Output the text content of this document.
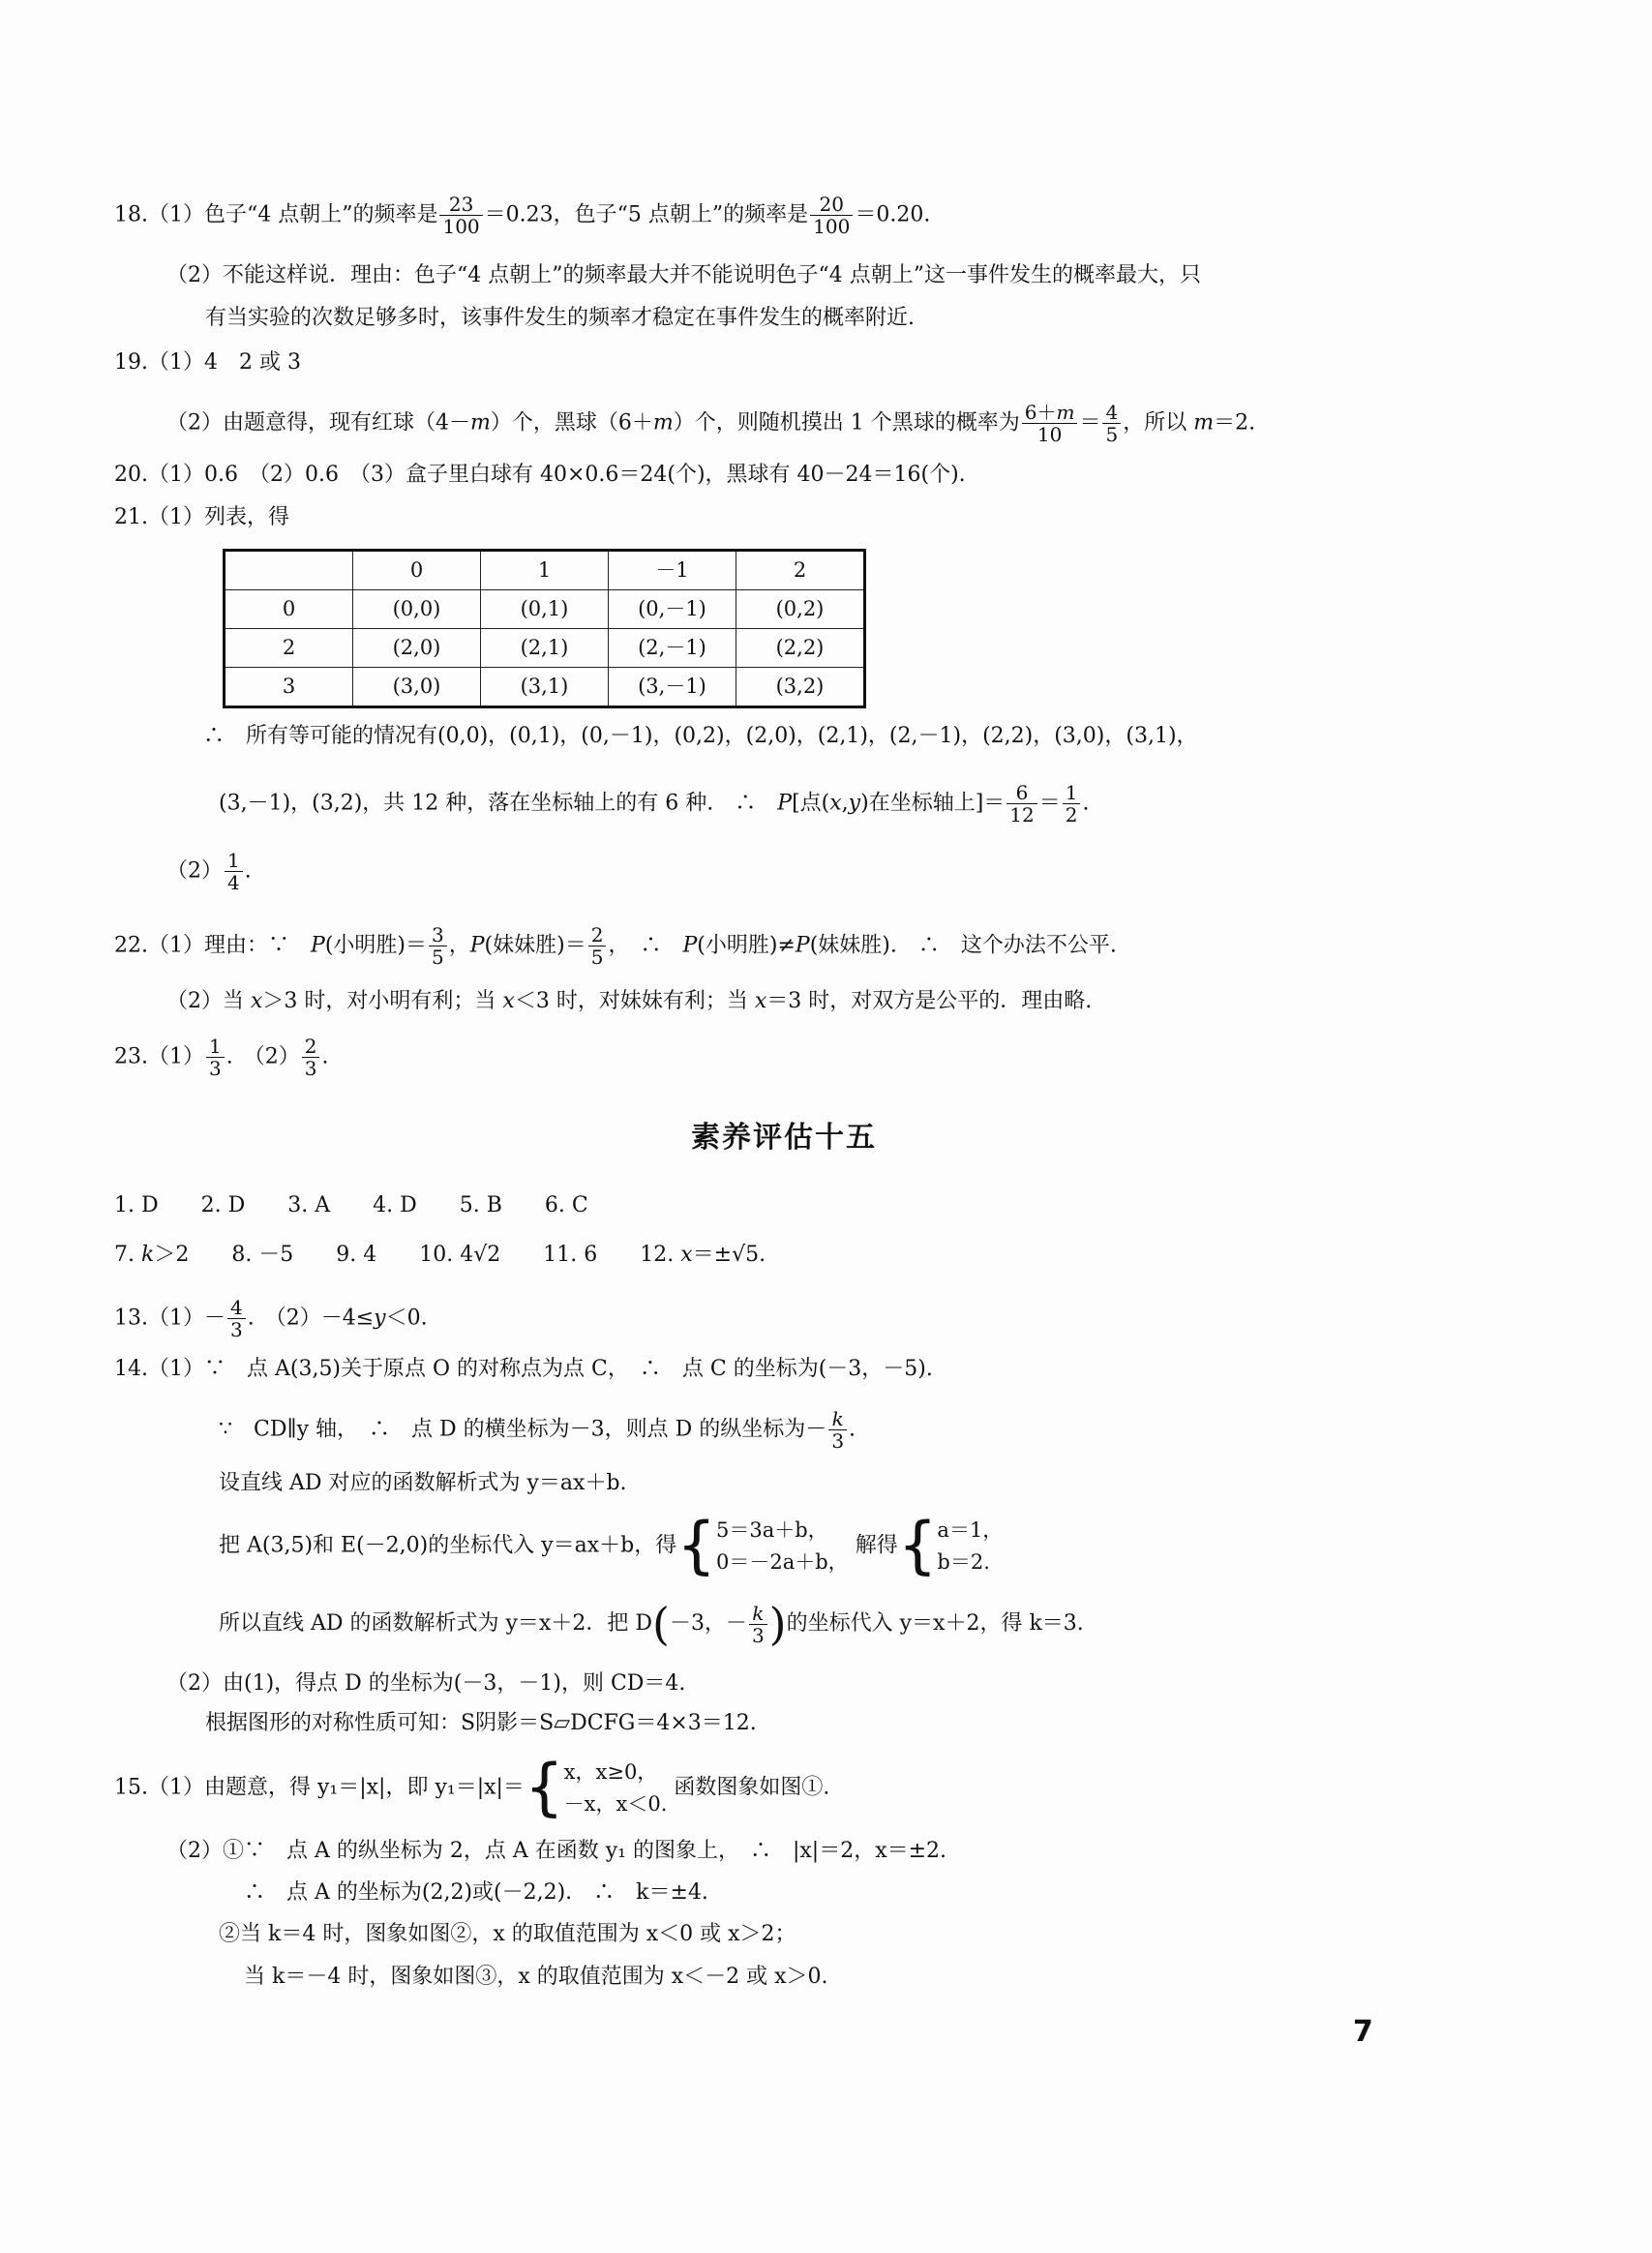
18.（1）色子“4 点朝上”的频率是 $\frac{23}{100} =0.23$，色子“5 点朝上”的频率是 $\frac{20}{100} =0.20$.
（2）不能这样说．理由：色子“4 点朝上”的频率最大并不能说明色子“4 点朝上”这一事件发生的概率最大，只
有当实验的次数足够多时，该事件发生的频率才稳定在事件发生的概率附近.
19.（1）4　2 或 3
（2）由题意得，现有红球（4－m）个，黑球（6＋m）个，则随机摸出 1 个黑球的概率为 $\frac{6+m}{10} = \frac{4}{5}$ ，所以 m＝2.
20.（1）0.6　（2）0.6　（3）盒子里白球有 40×0.6＝24(个)，黑球有 40－24＝16(个).
21.（1）列表，得
	0	1	－1	2
0	(0,0)	(0,1)	(0,－1)	(0,2)
2	(2,0)	(2,1)	(2,－1)	(2,2)
3	(3,0)	(3,1)	(3,－1)	(3,2)
∴　所有等可能的情况有(0,0)，(0,1)，(0,－1)，(0,2)，(2,0)，(2,1)，(2,－1)，(2,2)，(3,0)，(3,1)，
(3,－1)，(3,2)，共 12 种，落在坐标轴上的有 6 种.　∴　P[点(x,y)在坐标轴上]＝ $\frac{6}{12} = \frac{1}{2}$ .
$(2) \frac{1}{4}$ .
22.（1）理由：∵　P(小明胜)＝ $\frac{3}{5}$ ，P(妹妹胜)＝ $\frac{2}{5}$ ，　∴　P(小明胜)≠P(妹妹胜).　∴　这个办法不公平.
（2）当 x＞3 时，对小明有利；当 x＜3 时，对妹妹有利；当 x＝3 时，对双方是公平的．理由略.
$23.(1) \frac{1}{3}$ .　$(2) \frac{2}{3}$ .
素养评估十五
1. D　　2. D　　3. A　　4. D　　5. B　　6. C
7. k＞2　　8. －5　　9. 4　　10. 4√2　　11. 6　　12. x＝±√5.
$13.(1)- \frac{4}{3}$ .　（2）－4≤y＜0.
14.（1）∵　点 A(3,5)关于原点 O 的对称点为点 C，　∴　点 C 的坐标为(－3，－5).
∵　CD∥y 轴，　∴　点 D 的横坐标为－3，则点 D 的纵坐标为－ $\frac{k}{3}$ .
设直线 AD 对应的函数解析式为 y＝ax＋b.
把 A(3,5)和 E(－2,0)的坐标代入 y＝ax＋b，得{ 5＝3a＋b，
0＝－2a＋b，
解得{ a＝1，
b＝2.
所以直线 AD 的函数解析式为 y＝x＋2．把 D(－3，－ $\frac{k}{3}$ )的坐标代入 y＝x＋2，得 k＝3.
（2）由(1)，得点 D 的坐标为(－3，－1)，则 CD＝4.
根据图形的对称性质可知：S阴影＝S▱DCFG＝4×3＝12.
15.（1）由题意，得 y₁＝|x|，即 y₁＝|x|＝{ x，x≥0，
－x，x＜0.
函数图象如图①.
（2）①∵　点 A 的纵坐标为 2，点 A 在函数 y₁ 的图象上，　∴　|x|＝2，x＝±2.
∴　点 A 的坐标为(2,2)或(－2,2).　∴　k＝±4.
②当 k＝4 时，图象如图②，x 的取值范围为 x＜0 或 x＞2；
当 k＝－4 时，图象如图③，x 的取值范围为 x＜－2 或 x＞0.
7
